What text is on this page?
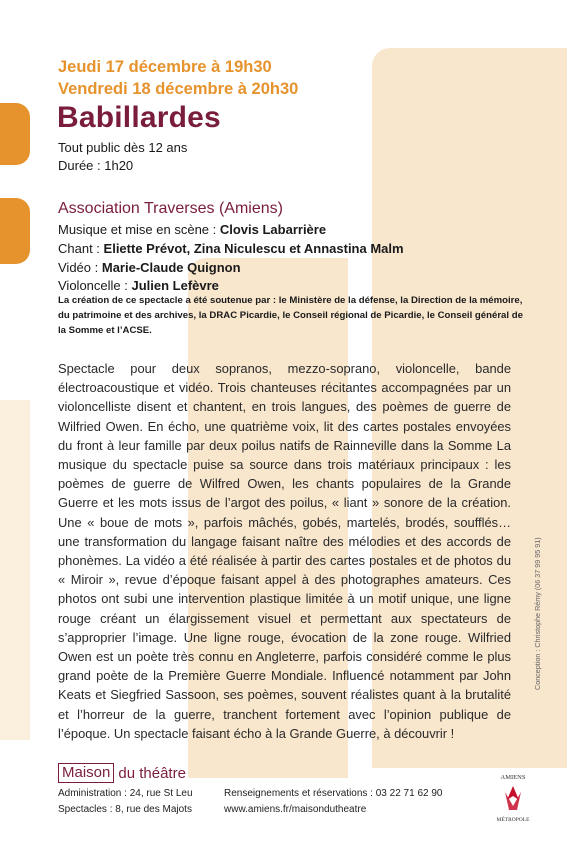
Jeudi 17 décembre à 19h30
Vendredi 18 décembre à 20h30
Babillardes
Tout public dès 12 ans
Durée : 1h20
Association Traverses (Amiens)
Musique et mise en scène : Clovis Labarrière
Chant : Eliette Prévot, Zina Niculescu et Annastina Malm
Vidéo : Marie-Claude Quignon
Violoncelle : Julien Lefèvre
La création de ce spectacle a été soutenue par : le Ministère de la défense, la Direction de la mémoire, du patrimoine et des archives, la DRAC Picardie, le Conseil régional de Picardie, le Conseil général de la Somme et l’ACSE.

Spectacle pour deux sopranos, mezzo-soprano, violoncelle, bande électroacoustique et vidéo. Trois chanteuses récitantes accompagnées par un violoncelliste disent et chantent, en trois langues, des poèmes de guerre de Wilfried Owen. En écho, une quatrième voix, lit des cartes postales envoyées du front à leur famille par deux poilus natifs de Rainneville dans la Somme La musique du spectacle puise sa source dans trois matériaux principaux : les poèmes de guerre de Wilfred Owen, les chants populaires de la Grande Guerre et les mots issus de l’argot des poilus, « liant » sonore de la création. Une « boue de mots », parfois mâchés, gobés, martelés, brodés, soufflés… une transformation du langage faisant naître des mélodies et des accords de phonèmes. La vidéo a été réalisée à partir des cartes postales et de photos du « Miroir », revue d’époque faisant appel à des photographes amateurs. Ces photos ont subi une intervention plastique limitée à un motif unique, une ligne rouge créant un élargissement visuel et permettant aux spectateurs de s’approprier l’image. Une ligne rouge, évocation de la zone rouge. Wilfried Owen est un poète très connu en Angleterre, parfois considéré comme le plus grand poète de la Première Guerre Mondiale. Influencé notamment par John Keats et Siegfried Sassoon, ses poèmes, souvent réalistes quant à la brutalité et l’horreur de la guerre, tranchent fortement avec l’opinion publique de l’époque. Un spectacle faisant écho à la Grande Guerre, à découvrir !

Conception : Christophe Rémy (06 37 99 95 91)
Maison du théâtre
Administration : 24, rue St Leu
Spectacles : 8, rue des Majots
Renseignements et réservations : 03 22 71 62 90
www.amiens.fr/maisondutheatre
AMIENS
MÉTROPOLE
